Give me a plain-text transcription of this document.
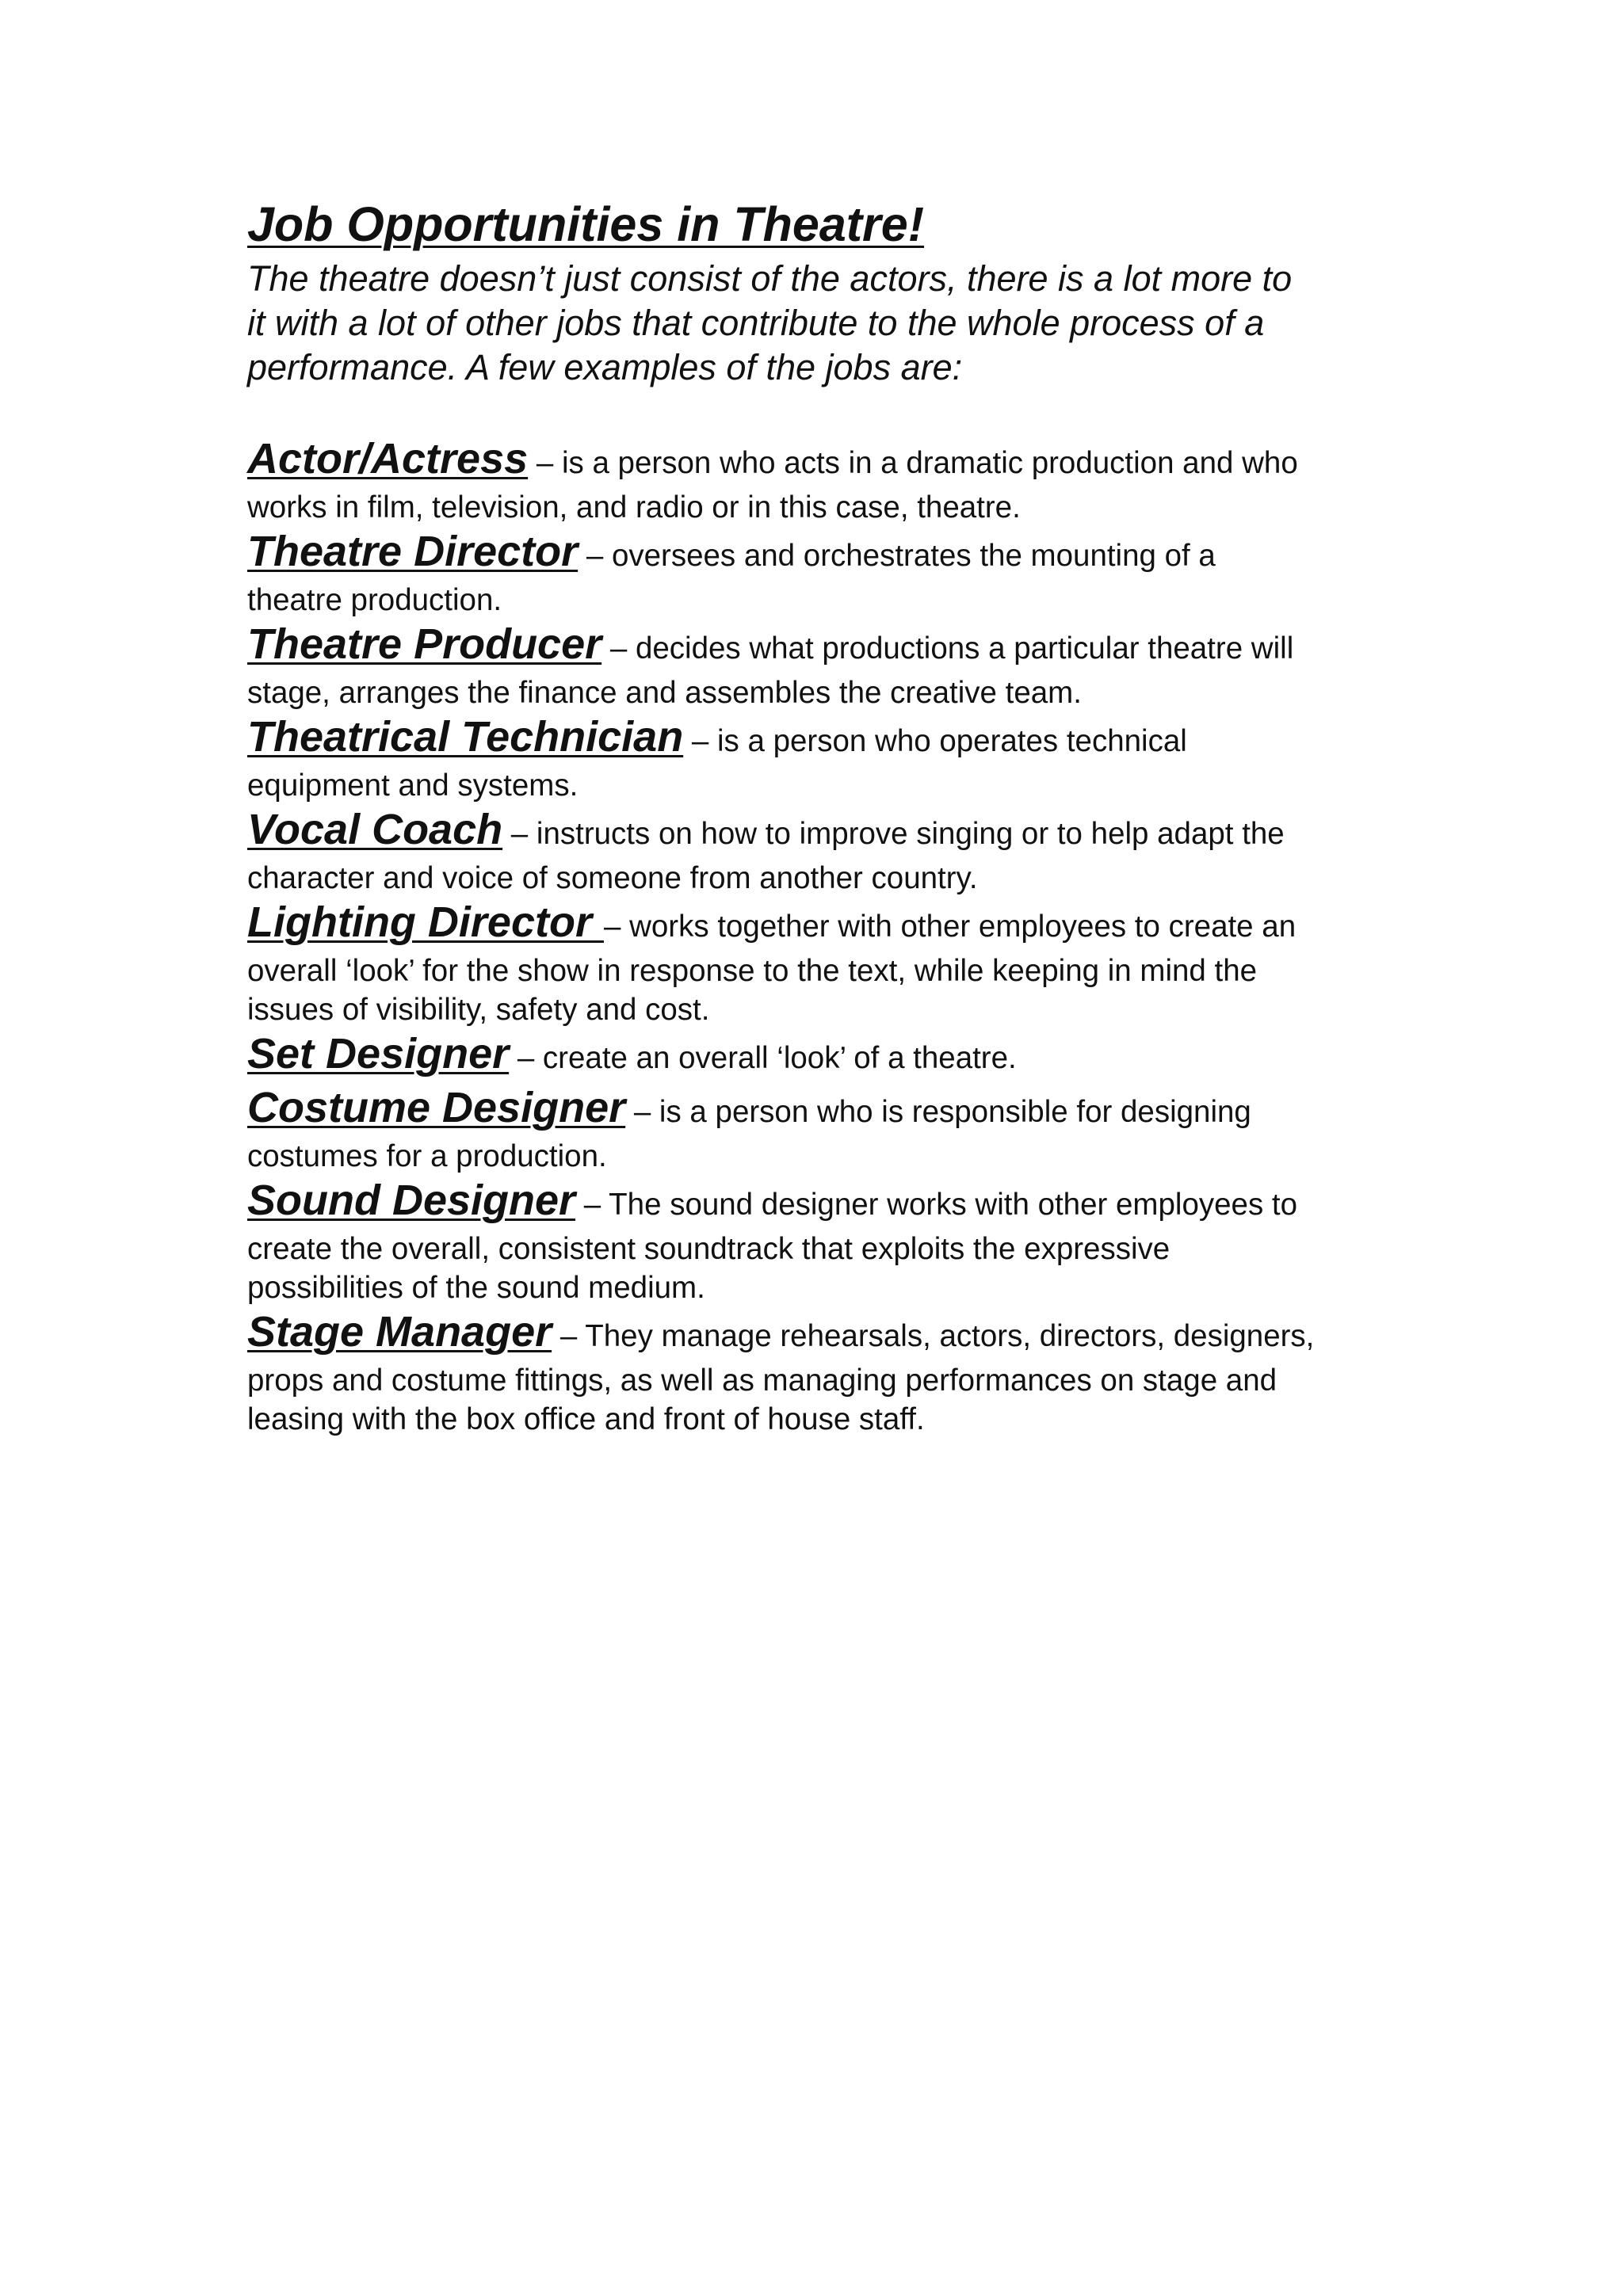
Job Opportunities in Theatre!
The theatre doesn’t just consist of the actors, there is a lot more to
it with a lot of other jobs that contribute to the whole process of a
performance. A few examples of the jobs are:
Actor/Actress – is a person who acts in a dramatic production and who
works in film, television, and radio or in this case, theatre.
Theatre Director – oversees and orchestrates the mounting of a
theatre production.
Theatre Producer – decides what productions a particular theatre will
stage, arranges the finance and assembles the creative team.
Theatrical Technician – is a person who operates technical
equipment and systems.
Vocal Coach – instructs on how to improve singing or to help adapt the
character and voice of someone from another country.
Lighting Director – works together with other employees to create an
overall ‘look’ for the show in response to the text, while keeping in mind the
issues of visibility, safety and cost.
Set Designer – create an overall ‘look’ of a theatre.
Costume Designer – is a person who is responsible for designing
costumes for a production.
Sound Designer – The sound designer works with other employees to
create the overall, consistent soundtrack that exploits the expressive
possibilities of the sound medium.
Stage Manager – They manage rehearsals, actors, directors, designers,
props and costume fittings, as well as managing performances on stage and
leasing with the box office and front of house staff.
